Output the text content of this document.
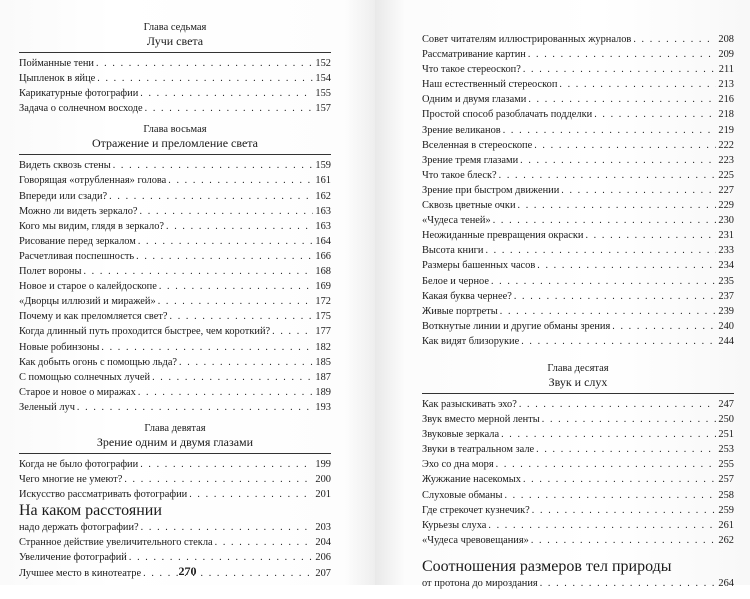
Глава седьмая
Лучи света
Пойманные тени . . .	152
Цыпленок в яйце . . .	154
Карикатурные фотографии . . .	155
Задача о солнечном восходе . . .	157
Глава восьмая
Отражение и преломление света
Видеть сквозь стены . . .	159
Говорящая «отрубленная» голова . . .	161
Впереди или сзади? . . .	162
Можно ли видеть зеркало? . . .	163
Кого мы видим, глядя в зеркало? . . .	163
Рисование перед зеркалом . . .	164
Расчетливая поспешность . . .	166
Полет вороны . . .	168
Новое и старое о калейдоскопе . . .	169
«Дворцы иллюзий и миражей» . . .	172
Почему и как преломляется свет? . . .	175
Когда длинный путь проходится быстрее, чем короткий? . . .	177
Новые робинзоны . . .	182
Как добыть огонь с помощью льда? . . .	185
С помощью солнечных лучей . . .	187
Старое и новое о миражах . . .	189
Зеленый луч . . .	193
Глава девятая
Зрение одним и двумя глазами
Когда не было фотографии . . .	199
Чего многие не умеют? . . .	200
Искусство рассматривать фотографии . . .	201
На каком расстоянии
надо держать фотографии? . . .	203
Странное действие увеличительного стекла . . .	204
Увеличение фотографий . . .	206
Лучшее место в кинотеатре . . .	207
270
Совет читателям иллюстрированных журналов . . .	208
Рассматривание картин . . .	209
Что такое стереоскоп? . . .	211
Наш естественный стереоскоп . . .	213
Одним и двумя глазами . . .	216
Простой способ разоблачать подделки . . .	218
Зрение великанов . . .	219
Вселенная в стереоскопе . . .	222
Зрение тремя глазами . . .	223
Что такое блеск? . . .	225
Зрение при быстром движении . . .	227
Сквозь цветные очки . . .	229
«Чудеса теней» . . .	230
Неожиданные превращения окраски . . .	231
Высота книги . . .	233
Размеры башенных часов . . .	234
Белое и черное . . .	235
Какая буква чернее? . . .	237
Живые портреты . . .	239
Воткнутые линии и другие обманы зрения . . .	240
Как видят близорукие . . .	244
Глава десятая
Звук и слух
Как разыскивать эхо? . . .	247
Звук вместо мерной ленты . . .	250
Звуковые зеркала . . .	251
Звуки в театральном зале . . .	253
Эхо со дна моря . . .	255
Жужжание насекомых . . .	257
Слуховые обманы . . .	258
Где стрекочет кузнечик? . . .	259
Курьезы слуха . . .	261
«Чудеса чревовещания» . . .	262
Соотношения размеров тел природы
от протона до мироздания . . .	264
